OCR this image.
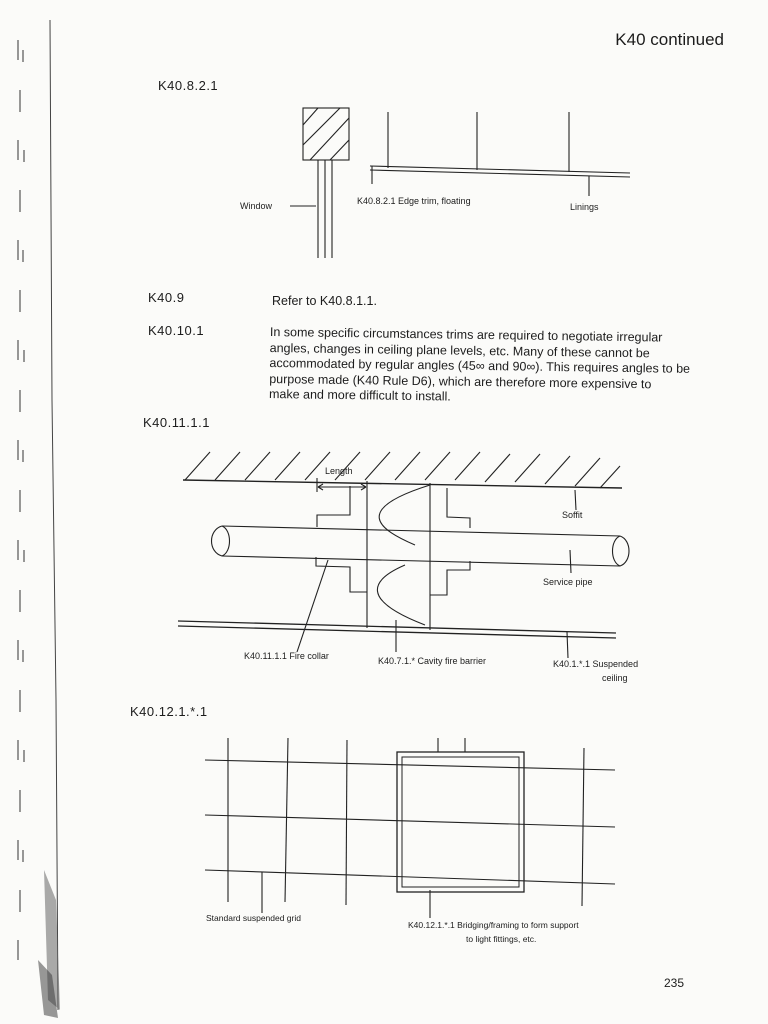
K40 continued
K40.8.2.1
Window	K40.8.2.1 Edge trim, floating
Linings
K40.9	Refer to K40.8.1.1.
K40.10.1	In some specific circumstances trims are required to negotiate irregular
angles, changes in ceiling plane levels, etc. Many of these cannot be
accommodated by regular angles (45∞ and 90∞). This requires angles to be
purpose made (K40 Rule D6), which are therefore more expensive to
make and more difficult to install.
K40.11.1.1
Length
Soffit
Service pipe
K40.11.1.1 Fire collar	K40.7.1.* Cavity fire barrier	K40.1.*.1 Suspended
ceiling
K40.12.1.*.1
Standard suspended grid
K40.12.1.*.1 Bridging/framing to form support
to light fittings, etc.
235
